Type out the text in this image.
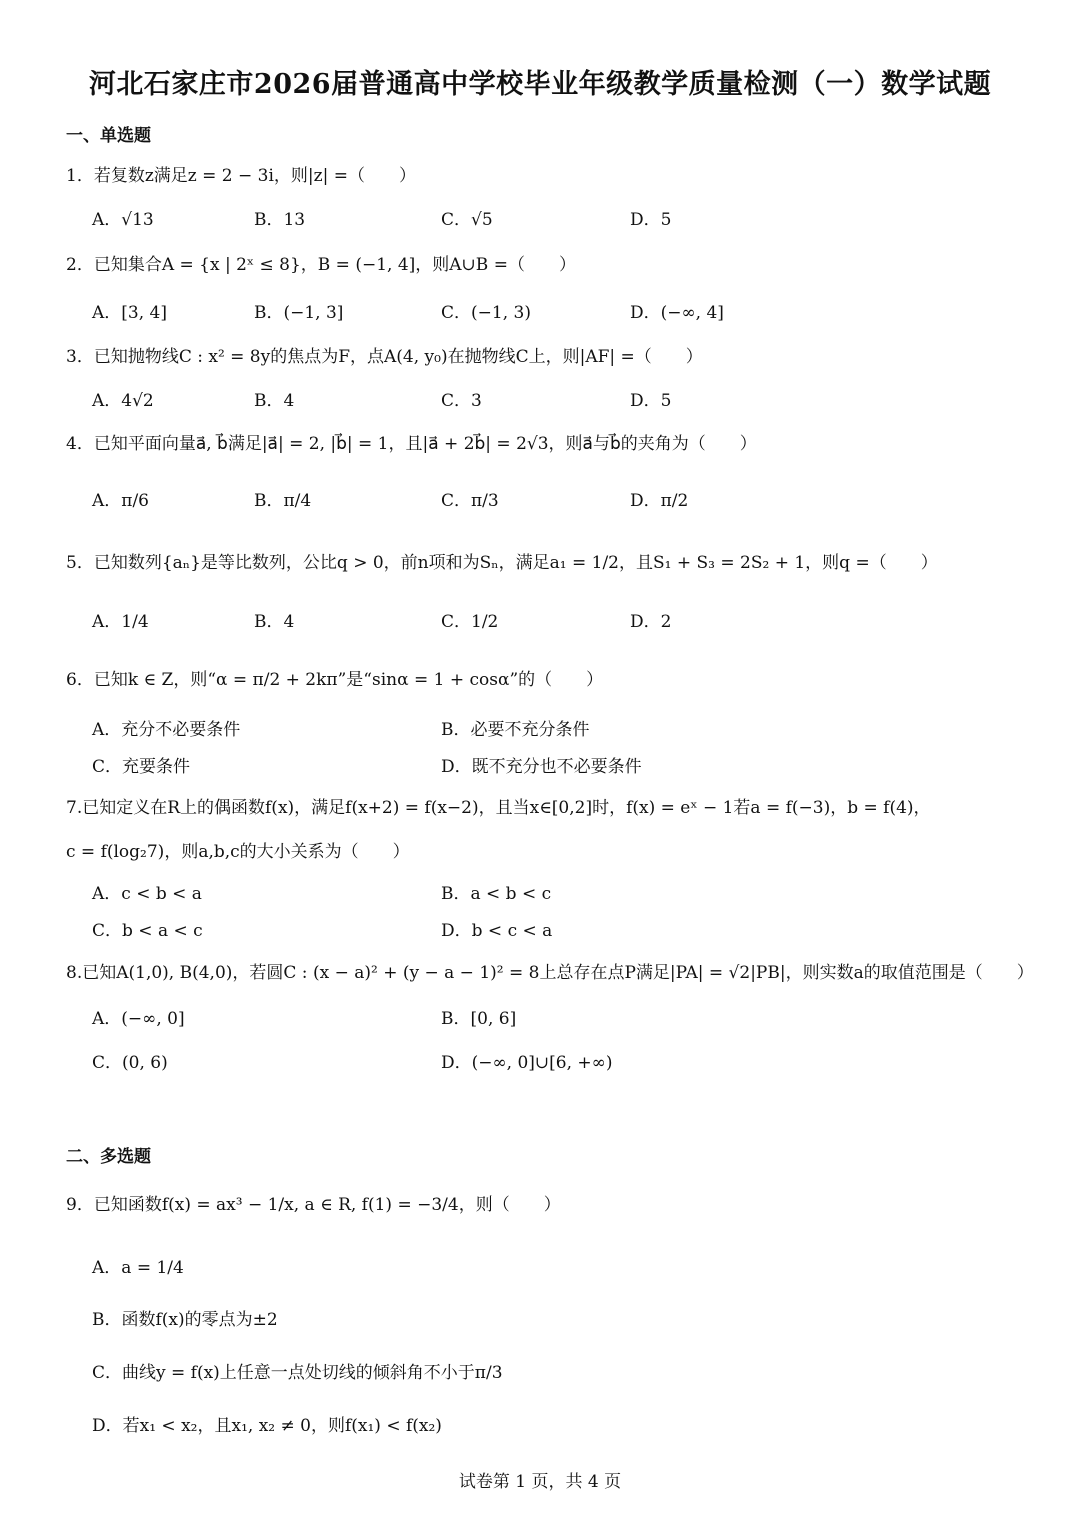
河北石家庄市2026届普通高中学校毕业年级教学质量检测（一）数学试题
一、单选题
1．若复数z满足z = 2 − 3i，则|z| =（　　）
A．√13	B．13	C．√5	D．5
2．已知集合A = {x | 2ˣ ≤ 8}，B = (−1, 4]，则A∪B =（　　）
A．[3, 4]	B．(−1, 3]	C．(−1, 3)	D．(−∞, 4]
3．已知抛物线C : x² = 8y的焦点为F，点A(4, y₀)在抛物线C上，则|AF| =（　　）
A．4√2	B．4	C．3	D．5
4．已知平面向量a⃗, b⃗满足|a⃗| = 2, |b⃗| = 1，且|a⃗ + 2b⃗| = 2√3，则a⃗与b⃗的夹角为（　　）
A．π/6	B．π/4	C．π/3	D．π/2
5．已知数列{aₙ}是等比数列，公比q > 0，前n项和为Sₙ，满足a₁ = 1/2，且S₁ + S₃ = 2S₂ + 1，则q =（　　）
A．1/4	B．4	C．1/2	D．2
6．已知k ∈ Z，则“α = π/2 + 2kπ”是“sinα = 1 + cosα”的（　　）
A．充分不必要条件	B．必要不充分条件
C．充要条件	D．既不充分也不必要条件
7.已知定义在R上的偶函数f(x)，满足f(x+2) = f(x−2)，且当x∈[0,2]时，f(x) = eˣ − 1若a = f(−3)，b = f(4)，
c = f(log₂7)，则a,b,c的大小关系为（　　）
A．c < b < a	B．a < b < c
C．b < a < c	D．b < c < a
8.已知A(1,0), B(4,0)，若圆C : (x − a)² + (y − a − 1)² = 8上总存在点P满足|PA| = √2|PB|，则实数a的取值范围是（　　）
A．(−∞, 0]	B．[0, 6]
C．(0, 6)	D．(−∞, 0]∪[6, +∞)
二、多选题
9．已知函数f(x) = ax³ − 1/x, a ∈ R, f(1) = −3/4，则（　　）
A．a = 1/4
B．函数f(x)的零点为±2
C．曲线y = f(x)上任意一点处切线的倾斜角不小于π/3
D．若x₁ < x₂，且x₁, x₂ ≠ 0，则f(x₁) < f(x₂)
试卷第 1 页，共 4 页
